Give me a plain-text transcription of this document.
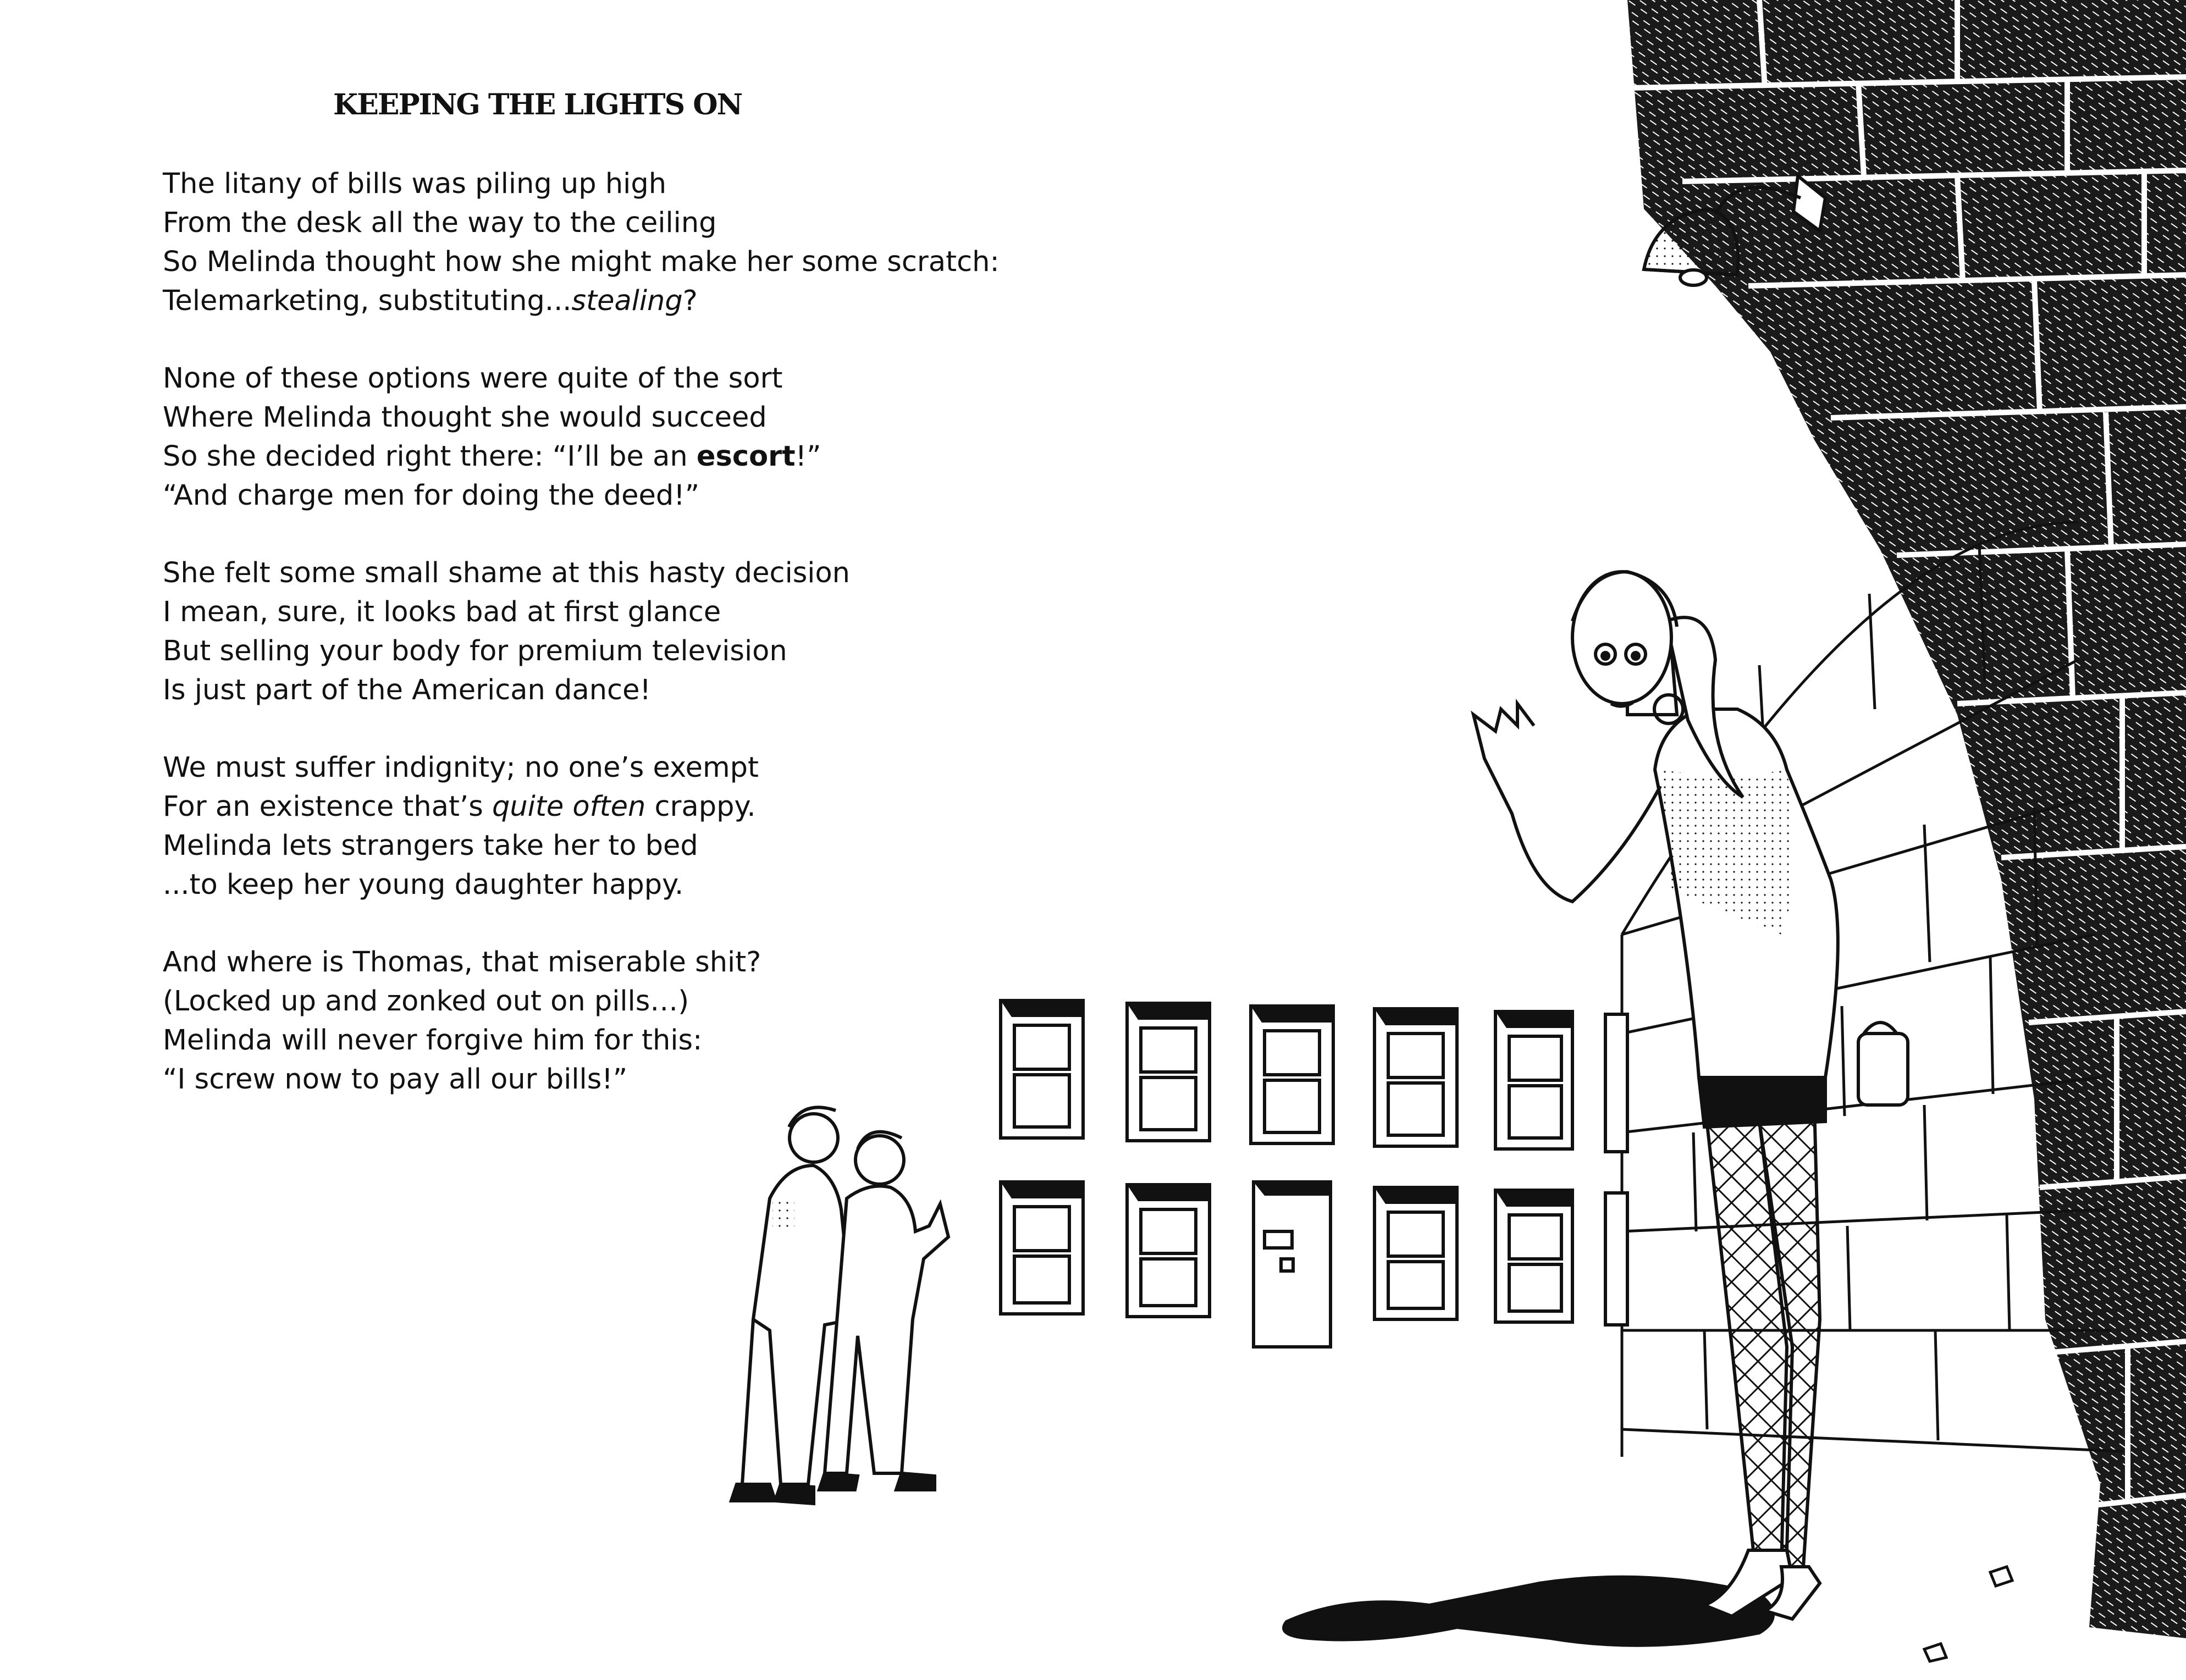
KEEPING THE LIGHTS ON
The litany of bills was piling up high
From the desk all the way to the ceiling
So Melinda thought how she might make her some scratch:
Telemarketing, substituting...stealing?
None of these options were quite of the sort
Where Melinda thought she would succeed
So she decided right there: “I’ll be an escort!”
“And charge men for doing the deed!”
She felt some small shame at this hasty decision
I mean, sure, it looks bad at first glance
But selling your body for premium television
Is just part of the American dance!
We must suffer indignity; no one’s exempt
For an existence that’s quite often crappy.
Melinda lets strangers take her to bed
...to keep her young daughter happy.
And where is Thomas, that miserable shit?
(Locked up and zonked out on pills…)
Melinda will never forgive him for this:
“I screw now to pay all our bills!”
